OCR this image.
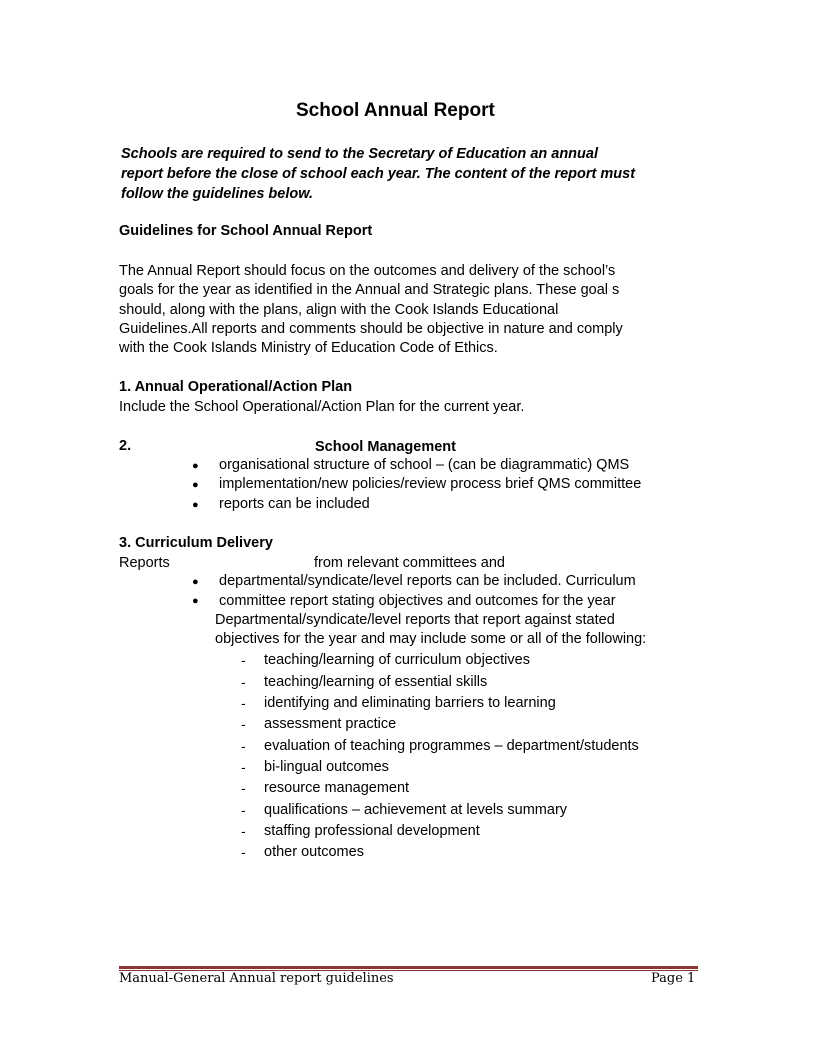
School Annual Report
Schools are required to send to the Secretary of Education an annual
report before the close of school each year. The content of the report must
follow the guidelines below.
Guidelines for School Annual Report
The Annual Report should focus on the outcomes and delivery of the school’s
goals for the year as identified in the Annual and Strategic plans. These goal s
should, along with the plans, align with the Cook Islands Educational
Guidelines.All reports and comments should be objective in nature and comply
with the Cook Islands Ministry of Education Code of Ethics.
1. Annual Operational/Action Plan
Include the School Operational/Action Plan for the current year.
2.	School Management
● organisational structure of school – (can be diagrammatic) QMS
● implementation/new policies/review process brief QMS committee
● reports can be included
3. Curriculum Delivery
Reports	from relevant committees and
● departmental/syndicate/level reports can be included. Curriculum
● committee report stating objectives and outcomes for the year
Departmental/syndicate/level reports that report against stated
objectives for the year and may include some or all of the following:
- teaching/learning of curriculum objectives
- teaching/learning of essential skills
- identifying and eliminating barriers to learning
- assessment practice
- evaluation of teaching programmes – department/students
- bi-lingual outcomes
- resource management
- qualifications – achievement at levels summary
- staffing professional development
- other outcomes
Manual-General Annual report guidelines	Page 1
